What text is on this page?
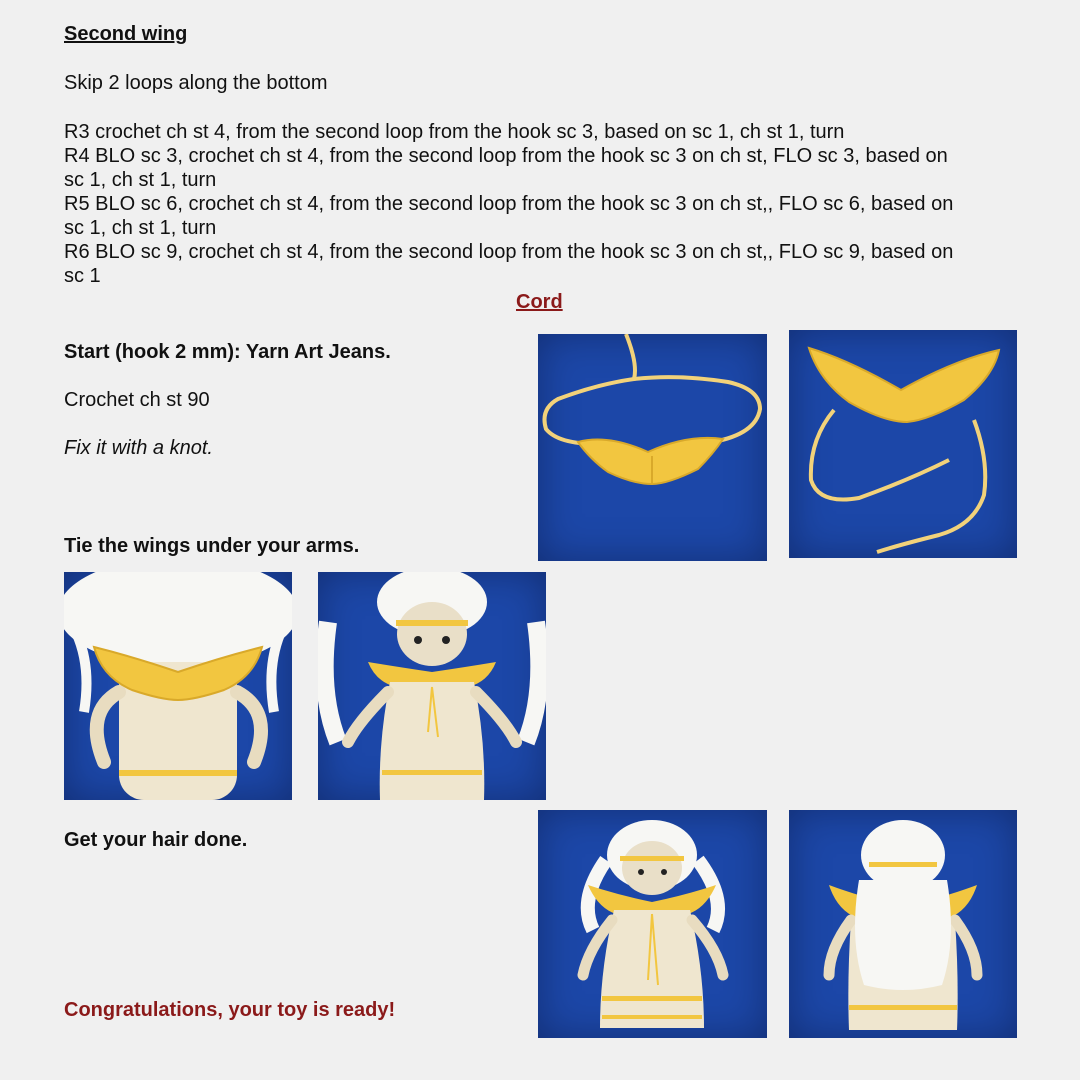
Second wing
Skip 2 loops along the bottom
R3 crochet ch st 4, from the second loop from the hook sc 3, based on sc 1, ch st 1, turn
R4 BLO sc 3, crochet ch st 4, from the second loop from the hook sc 3 on ch st, FLO sc 3, based on
sc 1, ch st 1, turn
R5 BLO sc 6, crochet ch st 4, from the second loop from the hook sc 3 on ch st,, FLO sc 6, based on
sc 1, ch st 1, turn
R6 BLO sc 9, crochet ch st 4, from the second loop from the hook sc 3 on ch st,, FLO sc 9, based on
sc 1
Cord
Start (hook 2 mm): Yarn Art Jeans.
Crochet ch st 90
Fix it with a knot.
Tie the wings under your arms.
Get your hair done.
Congratulations, your toy is ready!
